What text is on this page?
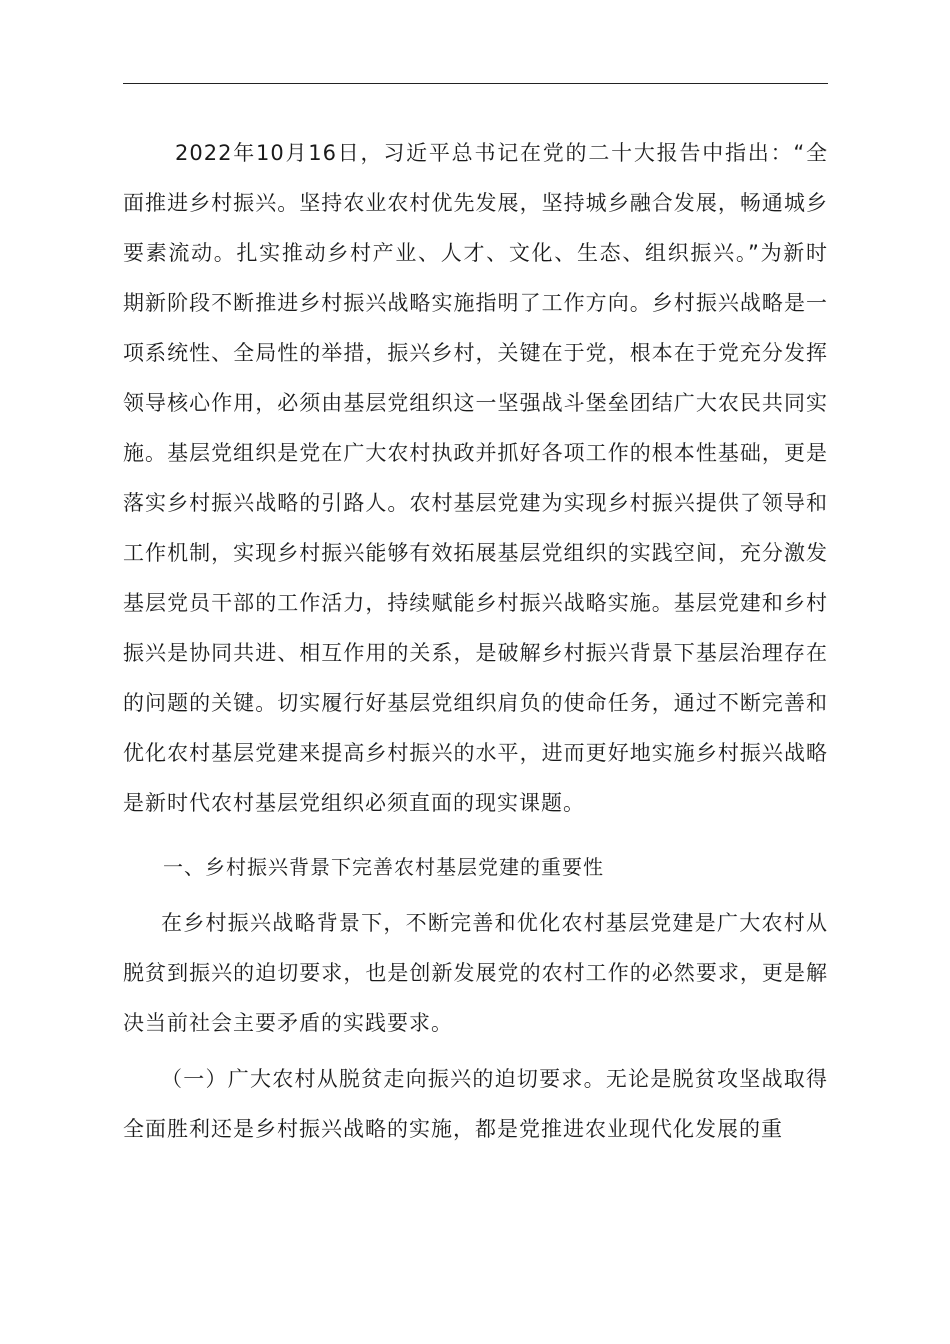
2022年10月16日，习近平总书记在党的二十大报告中指出：“全面推进乡村振兴。坚持农业农村优先发展，坚持城乡融合发展，畅通城乡要素流动。扎实推动乡村产业、人才、文化、生态、组织振兴。”为新时期新阶段不断推进乡村振兴战略实施指明了工作方向。乡村振兴战略是一项系统性、全局性的举措，振兴乡村，关键在于党，根本在于党充分发挥领导核心作用，必须由基层党组织这一坚强战斗堡垒团结广大农民共同实施。基层党组织是党在广大农村执政并抓好各项工作的根本性基础，更是落实乡村振兴战略的引路人。农村基层党建为实现乡村振兴提供了领导和工作机制，实现乡村振兴能够有效拓展基层党组织的实践空间，充分激发基层党员干部的工作活力，持续赋能乡村振兴战略实施。基层党建和乡村振兴是协同共进、相互作用的关系，是破解乡村振兴背景下基层治理存在的问题的关键。切实履行好基层党组织肩负的使命任务，通过不断完善和优化农村基层党建来提高乡村振兴的水平，进而更好地实施乡村振兴战略是新时代农村基层党组织必须直面的现实课题。

一、乡村振兴背景下完善农村基层党建的重要性

在乡村振兴战略背景下，不断完善和优化农村基层党建是广大农村从脱贫到振兴的迫切要求，也是创新发展党的农村工作的必然要求，更是解决当前社会主要矛盾的实践要求。

（一）广大农村从脱贫走向振兴的迫切要求。无论是脱贫攻坚战取得全面胜利还是乡村振兴战略的实施，都是党推进农业现代化发展的重
